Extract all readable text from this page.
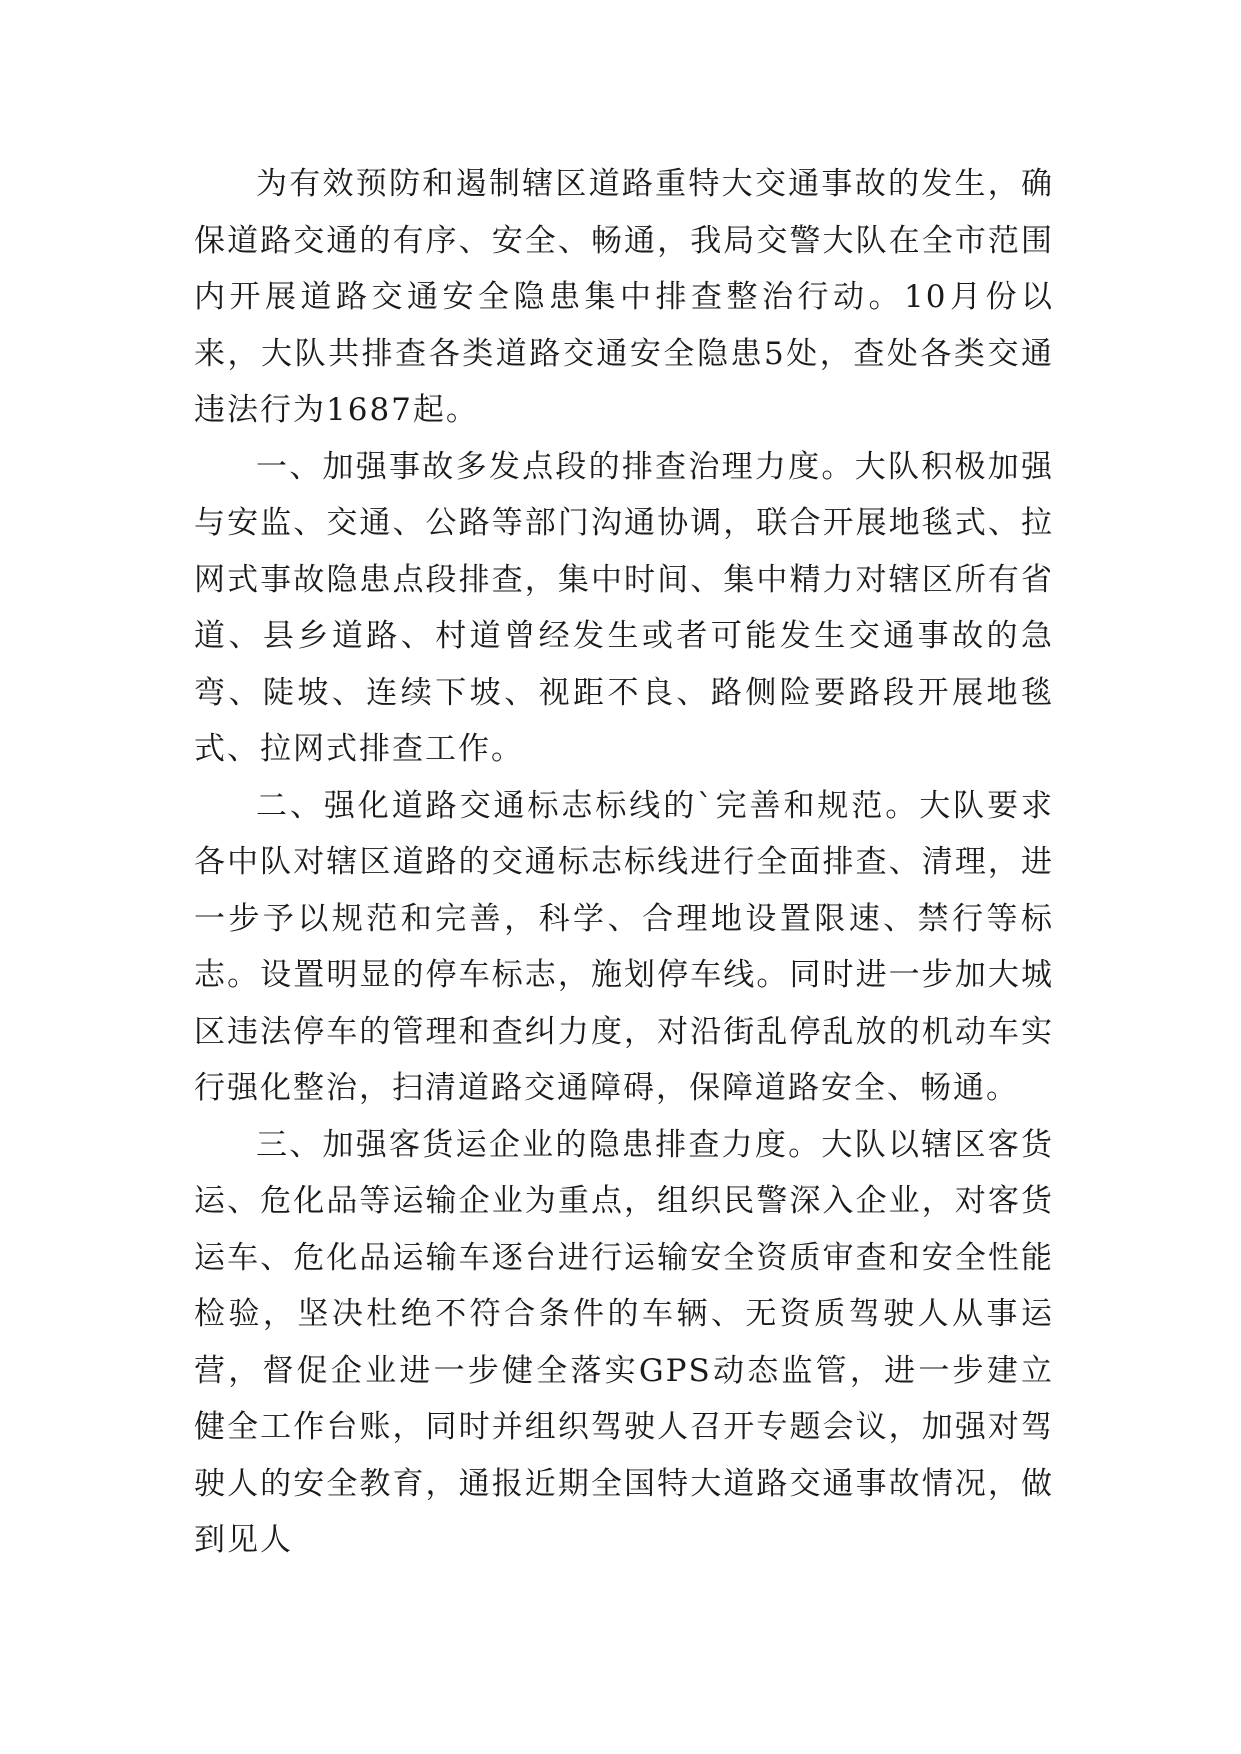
为有效预防和遏制辖区道路重特大交通事故的发生，确保道路交通的有序、安全、畅通，我局交警大队在全市范围内开展道路交通安全隐患集中排查整治行动。10月份以来，大队共排查各类道路交通安全隐患5处，查处各类交通违法行为1687起。

一、加强事故多发点段的排查治理力度。大队积极加强与安监、交通、公路等部门沟通协调，联合开展地毯式、拉网式事故隐患点段排查，集中时间、集中精力对辖区所有省道、县乡道路、村道曾经发生或者可能发生交通事故的急弯、陡坡、连续下坡、视距不良、路侧险要路段开展地毯式、拉网式排查工作。

二、强化道路交通标志标线的`完善和规范。大队要求各中队对辖区道路的交通标志标线进行全面排查、清理，进一步予以规范和完善，科学、合理地设置限速、禁行等标志。设置明显的停车标志，施划停车线。同时进一步加大城区违法停车的管理和查纠力度，对沿街乱停乱放的机动车实行强化整治，扫清道路交通障碍，保障道路安全、畅通。

三、加强客货运企业的隐患排查力度。大队以辖区客货运、危化品等运输企业为重点，组织民警深入企业，对客货运车、危化品运输车逐台进行运输安全资质审查和安全性能检验，坚决杜绝不符合条件的车辆、无资质驾驶人从事运营，督促企业进一步健全落实GPS动态监管，进一步建立健全工作台账，同时并组织驾驶人召开专题会议，加强对驾驶人的安全教育，通报近期全国特大道路交通事故情况，做到见人
